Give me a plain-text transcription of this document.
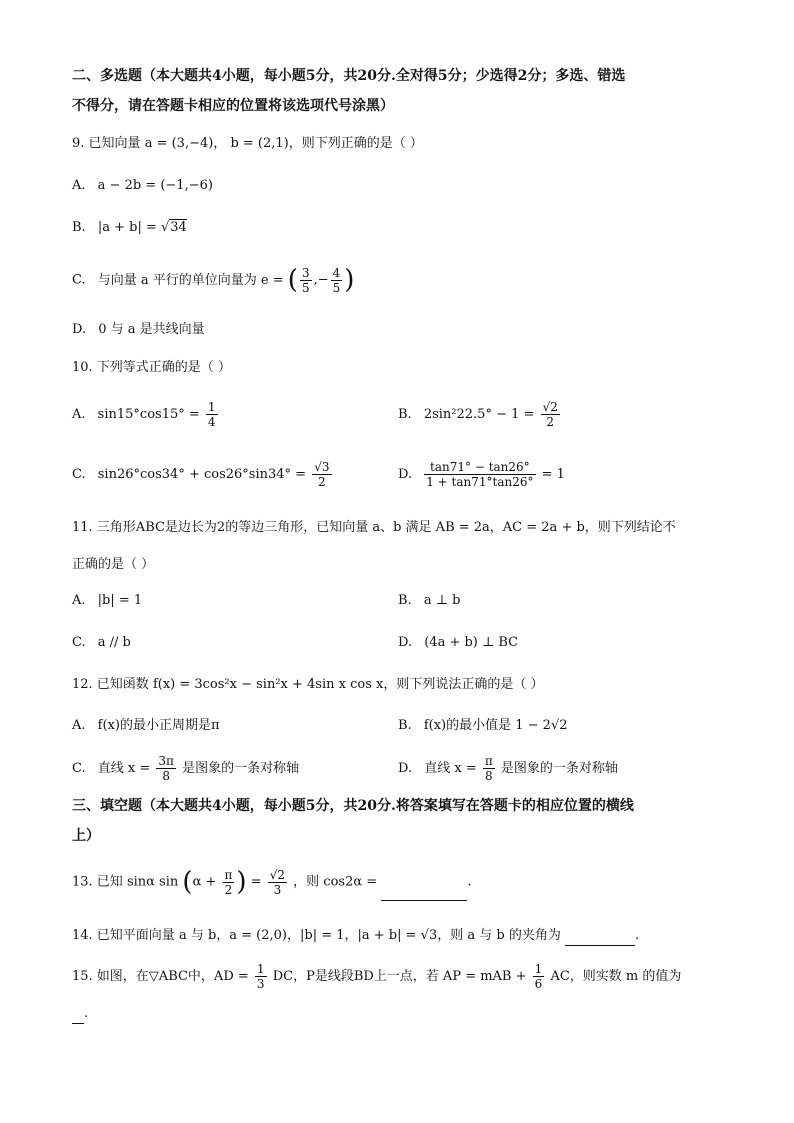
二、多选题（本大题共4小题，每小题5分，共20分.全对得5分；少选得2分；多选、错选
不得分，请在答题卡相应的位置将该选项代号涂黑）
9. 已知向量 a = (3,−4)， b = (2,1)，则下列正确的是（ ）
A. a − 2b = (−1,−6)
B. |a + b| = √34
C. 与向量 a 平行的单位向量为 e = ( $\frac{3}{5}$ ,− $\frac{4}{5}$ )
D. 0 与 a 是共线向量
10. 下列等式正确的是（ ）
A. $\sin 15^\circ\cos 15^\circ = \frac{1}{4}$	B. $2\sin^222.5^\circ - 1 = \frac{√2}{2}$
C. $\sin 26^\circ\cos 34^\circ + \cos 26^\circ\sin 34^\circ = \frac{√3}{2}$	D. $\frac{\tan 71^\circ - \tan 26^\circ}{1 + \tan 71^\circ\tan 26^\circ} = 1$
11. 三角形ABC是边长为2的等边三角形，已知向量 a、b 满足 AB = 2a，AC = 2a + b，则下列结论不
正确的是（ ）
A. |b| = 1	B. a ⊥ b
C. a // b	D. (4a + b) ⊥ BC
12. 已知函数 f(x) = 3cos²x − sin²x + 4sin x cos x，则下列说法正确的是（ ）
A. f(x)的最小正周期是π	B. f(x)的最小值是 1 − 2√2
C. 直线 $x = \frac{3\pi}{8}$ 是图象的一条对称轴	D. 直线 $x = \frac{\pi}{8}$ 是图象的一条对称轴
三、填空题（本大题共4小题，每小题5分，共20分.将答案填写在答题卡的相应位置的横线
上）
13. 已知 sinα $\sin (\alpha + \frac{\pi}{2}$ ) = $\frac{√2}{3}$ ，则 cos2α =	.
14. 已知平面向量 a 与 b，a = (2,0)，|b| = 1，|a + b| = √3，则 a 与 b 的夹角为	.
15. 如图，在▽ABC中，AD = $\frac{1}{3}$ DC，P是线段BD上一点，若 AP = mAB + $\frac{1}{6}$ AC，则实数 m 的值为
.
